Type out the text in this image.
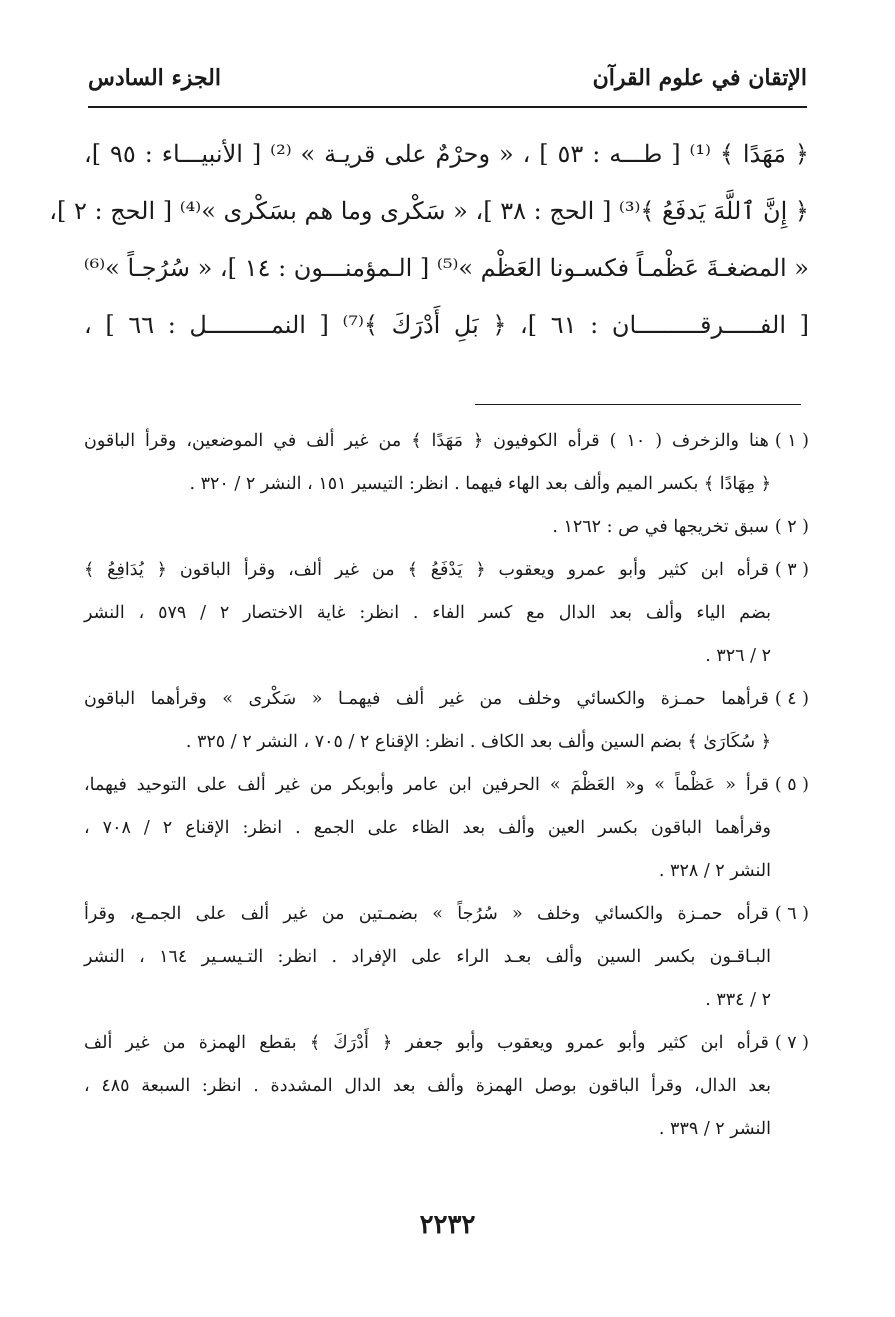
الإتقان في علوم القرآن
الجزء السادس
﴿ مَهَدًا ﴾ ⁽¹⁾ [ طـــه : ٥٣ ] ، « وحرْمٌ على قريـة » ⁽²⁾ [ الأنبيـــاء : ٩٥ ]،
﴿ إِنَّ ٱللَّهَ يَدفَعُ ﴾⁽³⁾ [ الحج : ٣٨ ]، « سَكْرى وما هم بسَكْرى »⁽⁴⁾ [ الحج : ٢ ]،
« المضغـةَ عَظْمـاً فكسـونا العَظْم »⁽⁵⁾ [ الـمؤمنـــون : ١٤ ]، « سُرُجـاً »⁽⁶⁾
[ الفـــــرقـــــــــان : ٦١ ]، ﴿ بَلِ أَدْرَكَ ﴾⁽⁷⁾ [ النمـــــــــل : ٦٦ ] ،
( ١ )هنا والزخرف ( ١٠ ) قرأه الكوفيون ﴿ مَهَدًا ﴾ من غير ألف في الموضعين، وقرأ الباقون
﴿ مِهَادًا ﴾ بكسر الميم وألف بعد الهاء فيهما . انظر: التيسير ١٥١ ، النشر ٢ / ٣٢٠ .
( ٢ )سبق تخريجها في ص : ١٢٦٢ .
( ٣ )قرأه ابن كثير وأبو عمرو ويعقوب ﴿ يَدْفَعُ ﴾ من غير ألف، وقرأ الباقون ﴿ يُدَافِعُ ﴾
بضم الياء وألف بعد الدال مع كسر الفاء . انظر: غاية الاختصار ٢ / ٥٧٩ ، النشر
٢ / ٣٢٦ .
( ٤ )قرأهما حمـزة والكسائي وخلف من غير ألف فيهمـا « سَكْرى » وقرأهما الباقون
﴿ سُكَارَىٰ ﴾ بضم السين وألف بعد الكاف . انظر: الإقناع ٢ / ٧٠٥ ، النشر ٢ / ٣٢٥ .
( ٥ )قرأ « عَظْماً » و« العَظْمَ » الحرفين ابن عامر وأبوبكر من غير ألف على التوحيد فيهما،
وقرأهما الباقون بكسر العين وألف بعد الظاء على الجمع . انظر: الإقناع ٢ / ٧٠٨ ،
النشر ٢ / ٣٢٨ .
( ٦ )قرأه حمـزة والكسائي وخلف « سُرُجاً » بضمـتين من غير ألف على الجمـع، وقرأ
البـاقـون بكسر السين وألف بعـد الراء على الإفراد . انظر: التـيسـير ١٦٤ ، النشر
٢ / ٣٣٤ .
( ٧ )قرأه ابن كثير وأبو عمرو ويعقوب وأبو جعفر ﴿ أَدْرَكَ ﴾ بقطع الهمزة من غير ألف
بعد الدال، وقرأ الباقون بوصل الهمزة وألف بعد الدال المشددة . انظر: السبعة ٤٨٥ ،
النشر ٢ / ٣٣٩ .
٢٢٣٢
